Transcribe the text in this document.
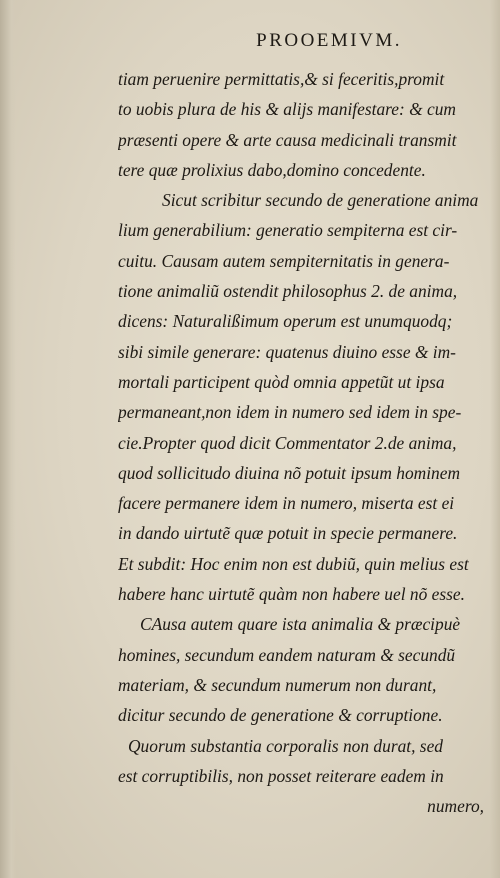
PROOEMIVM.
tiam peruenire permittatis,& si feceritis,promit
to uobis plura de his & alijs manifestare: & cum
præsenti opere & arte causa medicinali transmit
tere quæ prolixius dabo,domino concedente.
Sicut scribitur secundo de generatione anima
lium generabilium: generatio sempiterna est cir-
cuitu. Causam autem sempiternitatis in genera-
tione animaliũ ostendit philosophus 2. de anima,
dicens: Naturalißimum operum est unumquodq;
sibi simile generare: quatenus diuino esse & im-
mortali participent quòd omnia appetũt ut ipsa
permaneant,non idem in numero sed idem in spe-
cie.Propter quod dicit Commentator 2.de anima,
quod sollicitudo diuina nõ potuit ipsum hominem
facere permanere idem in numero, miserta est ei
in dando uirtutẽ quæ potuit in specie permanere.
Et subdit: Hoc enim non est dubiũ, quin melius est
habere hanc uirtutẽ quàm non habere uel nõ esse.
CAusa autem quare ista animalia & præcipuè
homines, secundum eandem naturam & secundũ
materiam, & secundum numerum non durant,
dicitur secundo de generatione & corruptione.
Quorum substantia corporalis non durat, sed
est corruptibilis, non posset reiterare eadem in
numero,
